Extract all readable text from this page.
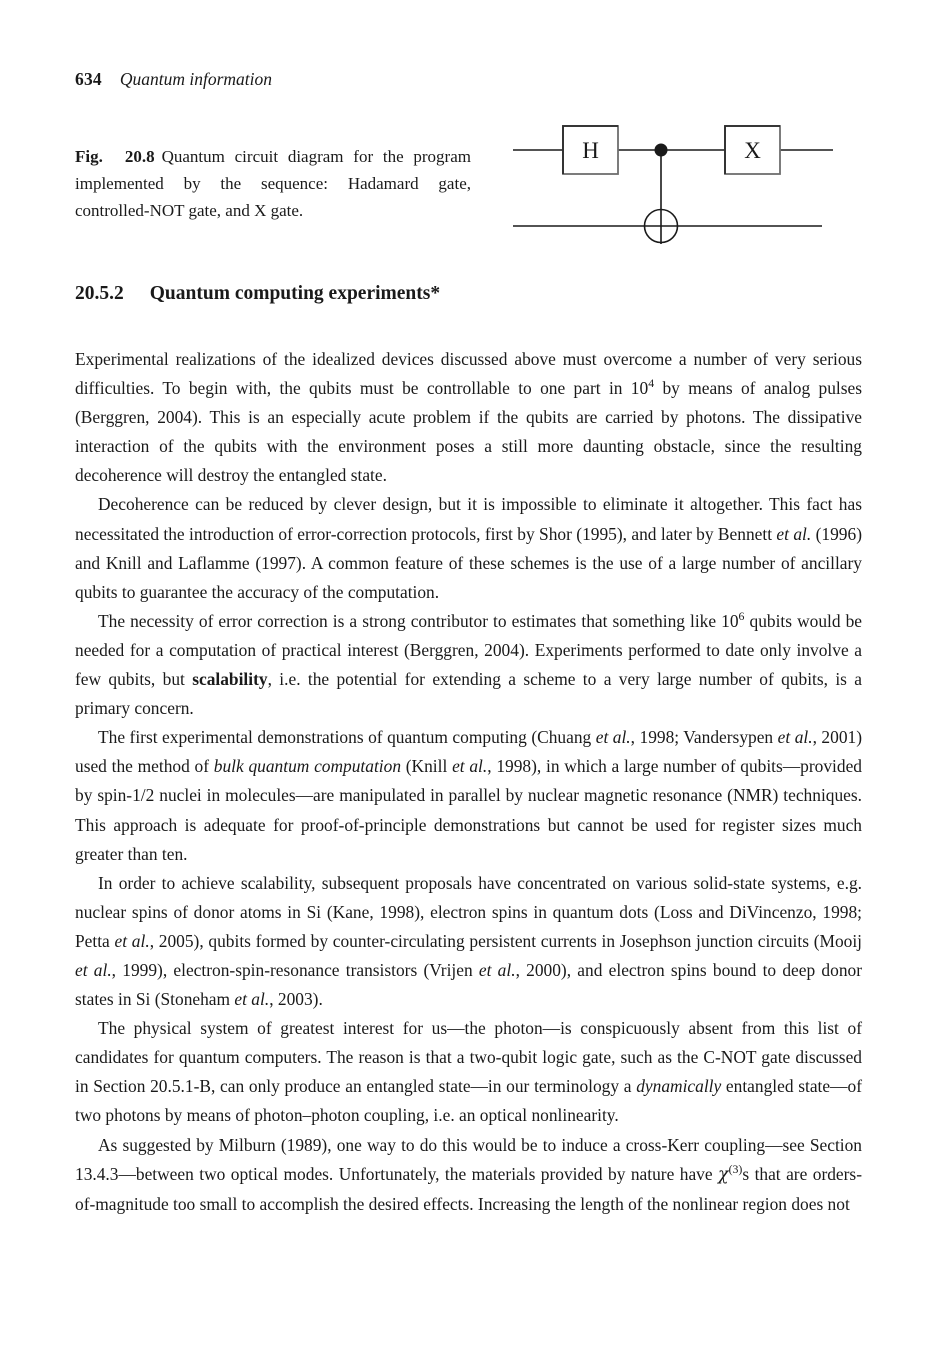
634 Quantum information
Fig. 20.8 Quantum circuit diagram for the program implemented by the sequence: Hadamard gate, controlled-NOT gate, and X gate.
H	X
20.5.2 Quantum computing experiments*

Experimental realizations of the idealized devices discussed above must overcome a number of very serious difficulties. To begin with, the qubits must be controllable to one part in $10^4$ by means of analog pulses (Berggren, 2004). This is an especially acute problem if the qubits are carried by photons. The dissipative interaction of the qubits with the environment poses a still more daunting obstacle, since the resulting decoherence will destroy the entangled state.

Decoherence can be reduced by clever design, but it is impossible to eliminate it altogether. This fact has necessitated the introduction of error-correction protocols, first by Shor (1995), and later by Bennett et al. (1996) and Knill and Laflamme (1997). A common feature of these schemes is the use of a large number of ancillary qubits to guarantee the accuracy of the computation.

The necessity of error correction is a strong contributor to estimates that something like $10^6$ qubits would be needed for a computation of practical interest (Berggren, 2004). Experiments performed to date only involve a few qubits, but scalability, i.e. the potential for extending a scheme to a very large number of qubits, is a primary concern.

The first experimental demonstrations of quantum computing (Chuang et al., 1998; Vandersypen et al., 2001) used the method of bulk quantum computation (Knill et al., 1998), in which a large number of qubits—provided by spin-1/2 nuclei in molecules—are manipulated in parallel by nuclear magnetic resonance (NMR) techniques. This approach is adequate for proof-of-principle demonstrations but cannot be used for register sizes much greater than ten.

In order to achieve scalability, subsequent proposals have concentrated on various solid-state systems, e.g. nuclear spins of donor atoms in Si (Kane, 1998), electron spins in quantum dots (Loss and DiVincenzo, 1998; Petta et al., 2005), qubits formed by counter-circulating persistent currents in Josephson junction circuits (Mooij et al., 1999), electron-spin-resonance transistors (Vrijen et al., 2000), and electron spins bound to deep donor states in Si (Stoneham et al., 2003).

The physical system of greatest interest for us—the photon—is conspicuously absent from this list of candidates for quantum computers. The reason is that a two-qubit logic gate, such as the C-NOT gate discussed in Section 20.5.1-B, can only produce an entangled state—in our terminology a dynamically entangled state—of two photons by means of photon–photon coupling, i.e. an optical nonlinearity.

As suggested by Milburn (1989), one way to do this would be to induce a cross-Kerr coupling—see Section 13.4.3—between two optical modes. Unfortunately, the materials provided by nature have $\chi^{(3)}s$ that are orders-of-magnitude too small to accomplish the desired effects. Increasing the length of the nonlinear region does not
